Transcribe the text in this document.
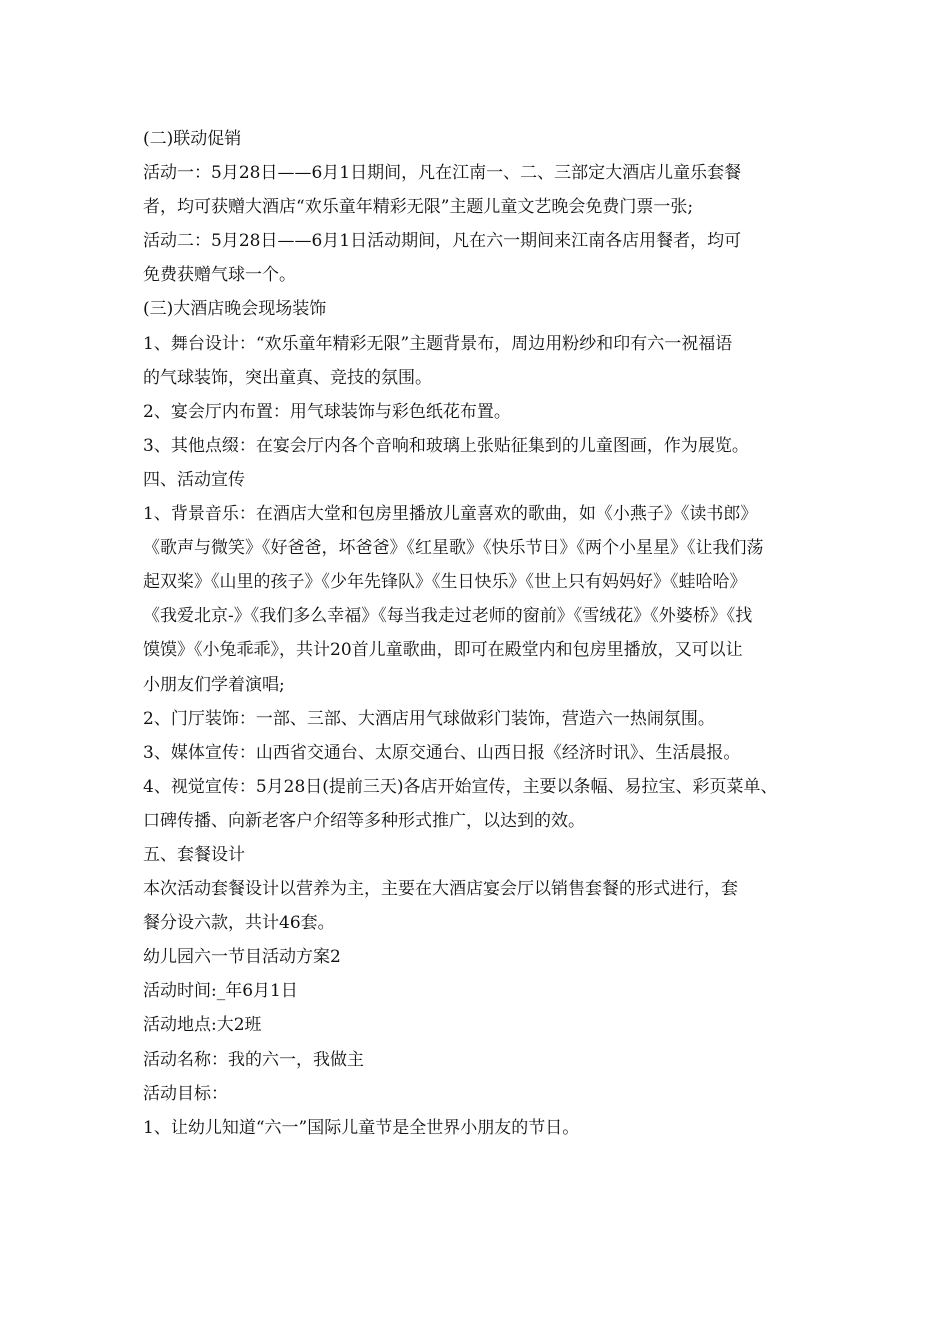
(二)联动促销

活动一：5月28日——6月1日期间，凡在江南一、二、三部定大酒店儿童乐套餐

者，均可获赠大酒店“欢乐童年精彩无限”主题儿童文艺晚会免费门票一张;

活动二：5月28日——6月1日活动期间，凡在六一期间来江南各店用餐者，均可

免费获赠气球一个。

(三)大酒店晚会现场装饰

1、舞台设计：“欢乐童年精彩无限”主题背景布，周边用粉纱和印有六一祝福语

的气球装饰，突出童真、竞技的氛围。

2、宴会厅内布置：用气球装饰与彩色纸花布置。

3、其他点缀：在宴会厅内各个音响和玻璃上张贴征集到的儿童图画，作为展览。

四、活动宣传

1、背景音乐：在酒店大堂和包房里播放儿童喜欢的歌曲，如《小燕子》《读书郎》

《歌声与微笑》《好爸爸，坏爸爸》《红星歌》《快乐节日》《两个小星星》《让我们荡

起双桨》《山里的孩子》《少年先锋队》《生日快乐》《世上只有妈妈好》《蛙哈哈》

《我爱北京-》《我们多么幸福》《每当我走过老师的窗前》《雪绒花》《外婆桥》《找

馍馍》《小兔乖乖》，共计20首儿童歌曲，即可在殿堂内和包房里播放，又可以让

小朋友们学着演唱;

2、门厅装饰：一部、三部、大酒店用气球做彩门装饰，营造六一热闹氛围。

3、媒体宣传：山西省交通台、太原交通台、山西日报《经济时讯》、生活晨报。

4、视觉宣传：5月28日(提前三天)各店开始宣传，主要以条幅、易拉宝、彩页菜单、

口碑传播、向新老客户介绍等多种形式推广，以达到的效。

五、套餐设计

本次活动套餐设计以营养为主，主要在大酒店宴会厅以销售套餐的形式进行，套

餐分设六款，共计46套。

幼儿园六一节目活动方案2

活动时间:_年6月1日

活动地点:大2班

活动名称：我的六一，我做主

活动目标：

1、让幼儿知道“六一”国际儿童节是全世界小朋友的节日。
